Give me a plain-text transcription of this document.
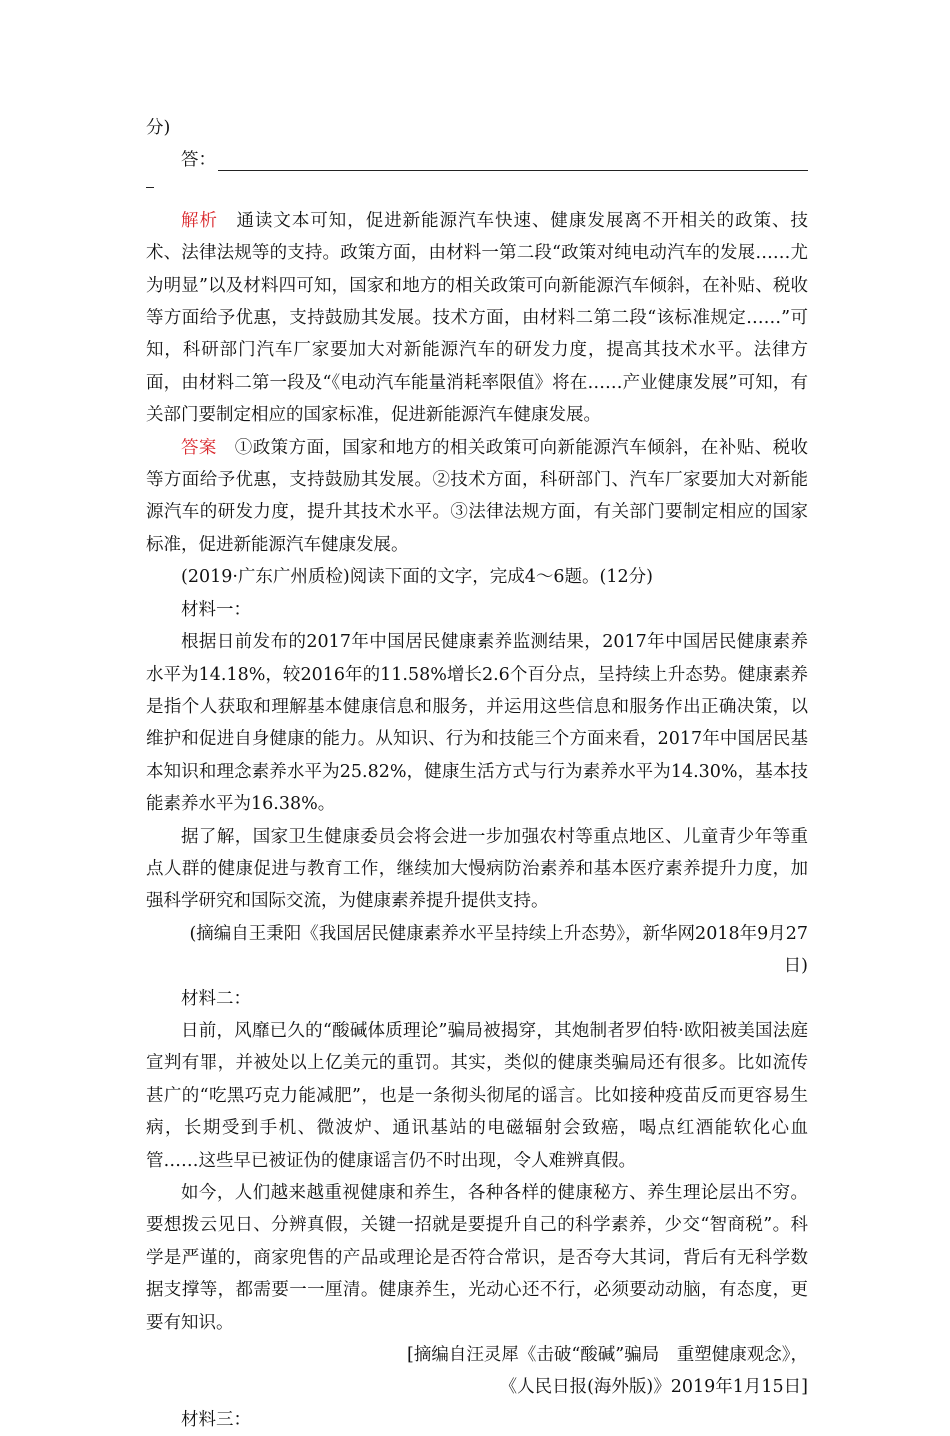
分)

答：

解析　 通读文本可知，促进新能源汽车快速、健康发展离不开相关的政策、技术、法律法规等的支持。政策方面，由材料一第二段“政策对纯电动汽车的发展……尤为明显”以及材料四可知，国家和地方的相关政策可向新能源汽车倾斜，在补贴、税收等方面给予优惠，支持鼓励其发展。技术方面，由材料二第二段“该标准规定……”可知，科研部门汽车厂家要加大对新能源汽车的研发力度，提高其技术水平。法律方面，由材料二第一段及“《电动汽车能量消耗率限值》将在……产业健康发展”可知，有关部门要制定相应的国家标准，促进新能源汽车健康发展。

答案　 ①政策方面，国家和地方的相关政策可向新能源汽车倾斜，在补贴、税收等方面给予优惠，支持鼓励其发展。②技术方面，科研部门、汽车厂家要加大对新能源汽车的研发力度，提升其技术水平。③法律法规方面，有关部门要制定相应的国家标准，促进新能源汽车健康发展。

(2019·广东广州质检)阅读下面的文字，完成4～6题。(12分)

材料一：

根据日前发布的2017年中国居民健康素养监测结果，2017年中国居民健康素养水平为14.18%，较2016年的11.58%增长2.6个百分点，呈持续上升态势。健康素养是指个人获取和理解基本健康信息和服务，并运用这些信息和服务作出正确决策，以维护和促进自身健康的能力。从知识、行为和技能三个方面来看，2017年中国居民基本知识和理念素养水平为25.82%，健康生活方式与行为素养水平为14.30%，基本技能素养水平为16.38%。

据了解，国家卫生健康委员会将会进一步加强农村等重点地区、儿童青少年等重点人群的健康促进与教育工作，继续加大慢病防治素养和基本医疗素养提升力度，加强科学研究和国际交流，为健康素养提升提供支持。

(摘编自王秉阳《我国居民健康素养水平呈持续上升态势》，新华网2018年9月27日)

材料二：

日前，风靡已久的“酸碱体质理论”骗局被揭穿，其炮制者罗伯特·欧阳被美国法庭宣判有罪，并被处以上亿美元的重罚。其实，类似的健康类骗局还有很多。比如流传甚广的“吃黑巧克力能减肥”，也是一条彻头彻尾的谣言。比如接种疫苗反而更容易生病，长期受到手机、微波炉、通讯基站的电磁辐射会致癌，喝点红酒能软化心血管……这些早已被证伪的健康谣言仍不时出现，令人难辨真假。

如今，人们越来越重视健康和养生，各种各样的健康秘方、养生理论层出不穷。要想拨云见日、分辨真假，关键一招就是要提升自己的科学素养，少交“智商税”。科学是严谨的，商家兜售的产品或理论是否符合常识，是否夸大其词，背后有无科学数据支撑等，都需要一一厘清。健康养生，光动心还不行，必须要动动脑，有态度，更要有知识。

[摘编自汪灵犀《击破“酸碱”骗局　重塑健康观念》，

《人民日报(海外版)》2019年1月15日]

材料三：
